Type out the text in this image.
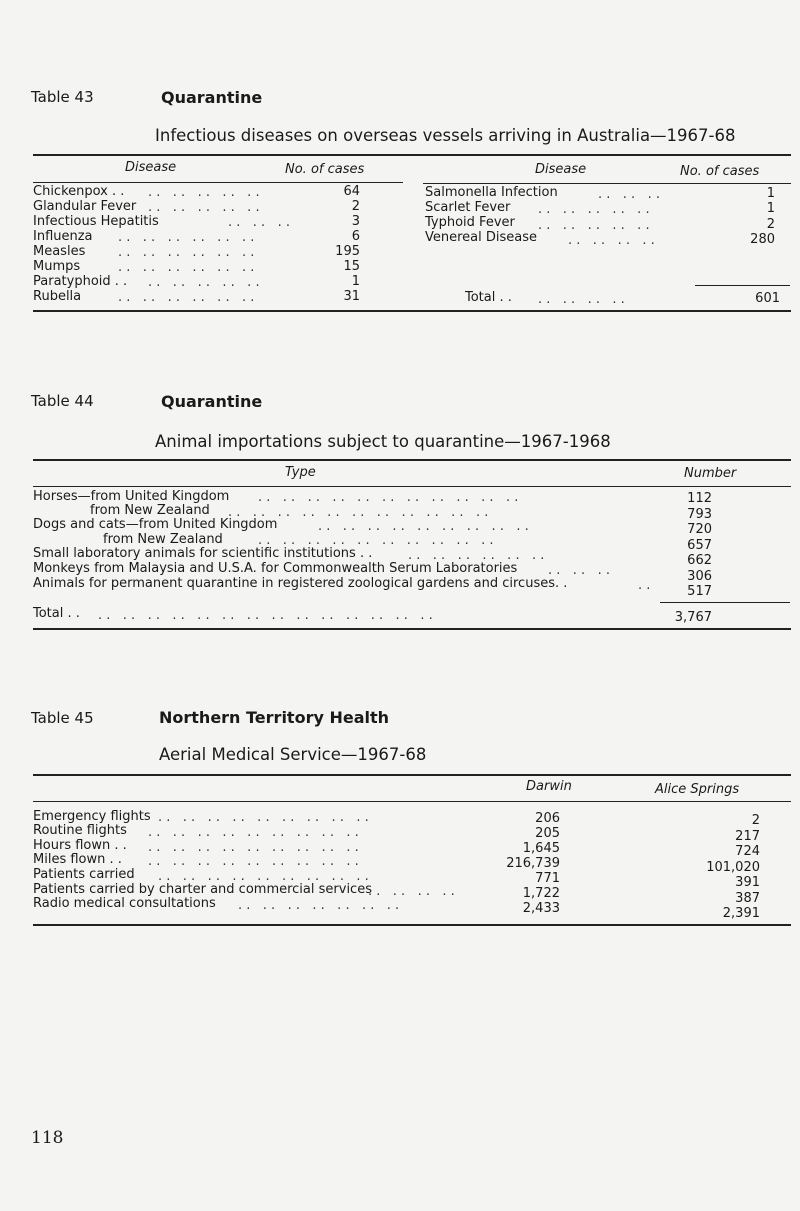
Table 43	Quarantine
Infectious diseases on overseas vessels arriving in Australia—1967-68
Disease	No. of cases	Disease	No. of cases
Chickenpox . .	64
Glandular Fever	2
Infectious Hepatitis	3
Influenza	6
Measles	195
Mumps	15
Paratyphoid . .	1
Rubella	31
. .   . .   . .   . .   . .
. .   . .   . .   . .   . .
. .   . .   . .
. .   . .   . .   . .   . .   . .
. .   . .   . .   . .   . .   . .
. .   . .   . .   . .   . .   . .
. .   . .   . .   . .   . .
. .   . .   . .   . .   . .   . .
Salmonella Infection	1
Scarlet Fever	1
Typhoid Fever	2
Venereal Disease	280
. .   . .   . .
. .   . .   . .   . .   . .
. .   . .   . .   . .   . .
. .   . .   . .   . .
Total . . . .   . .   . .   . .	601
Table 44	Quarantine
Animal importations subject to quarantine—1967-1968
Type	Number
Horses—from United Kingdom . .   . .   . .   . .   . .   . .   . .   . .   . .   . .   . .	112
from New Zealand . .   . .   . .   . .   . .   . .   . .   . .   . .   . .   . .	793
Dogs and cats—from United Kingdom	. .   . .   . .   . .   . .   . .   . .   . .   . .	720
from New Zealand	. .   . .   . .   . .   . .   . .   . .   . .   . .   . .	657
Small laboratory animals for scientific institutions . .	. .   . .   . .   . .   . .   . .	662
Monkeys from Malaysia and U.S.A. for Commonwealth Serum Laboratories . .   . .   . .	306
Animals for permanent quarantine in registered zoological gardens and circuses. .	. .	517
Total . . . .   . .   . .   . .   . .   . .   . .   . .   . .   . .   . .   . .   . .   . .	3,767
Table 45	Northern Territory Health
Aerial Medical Service—1967-68
Darwin	Alice Springs
Emergency flights . .   . .   . .   . .   . .   . .   . .   . .   . .	206	2
Routine flights . .   . .   . .   . .   . .   . .   . .   . .   . .	205	217
Hours flown . . . .   . .   . .   . .   . .   . .   . .   . .   . .	1,645	724
Miles flown . . . .   . .   . .   . .   . .   . .   . .   . .   . .	216,739	101,020
Patients carried . .   . .   . .   . .   . .   . .   . .   . .   . .	771	391
Patients carried by charter and commercial services
. .   . .   . .   . .	1,722	387
Radio medical consultations . .   . .   . .   . .   . .   . .   . .	2,433	2,391
118
